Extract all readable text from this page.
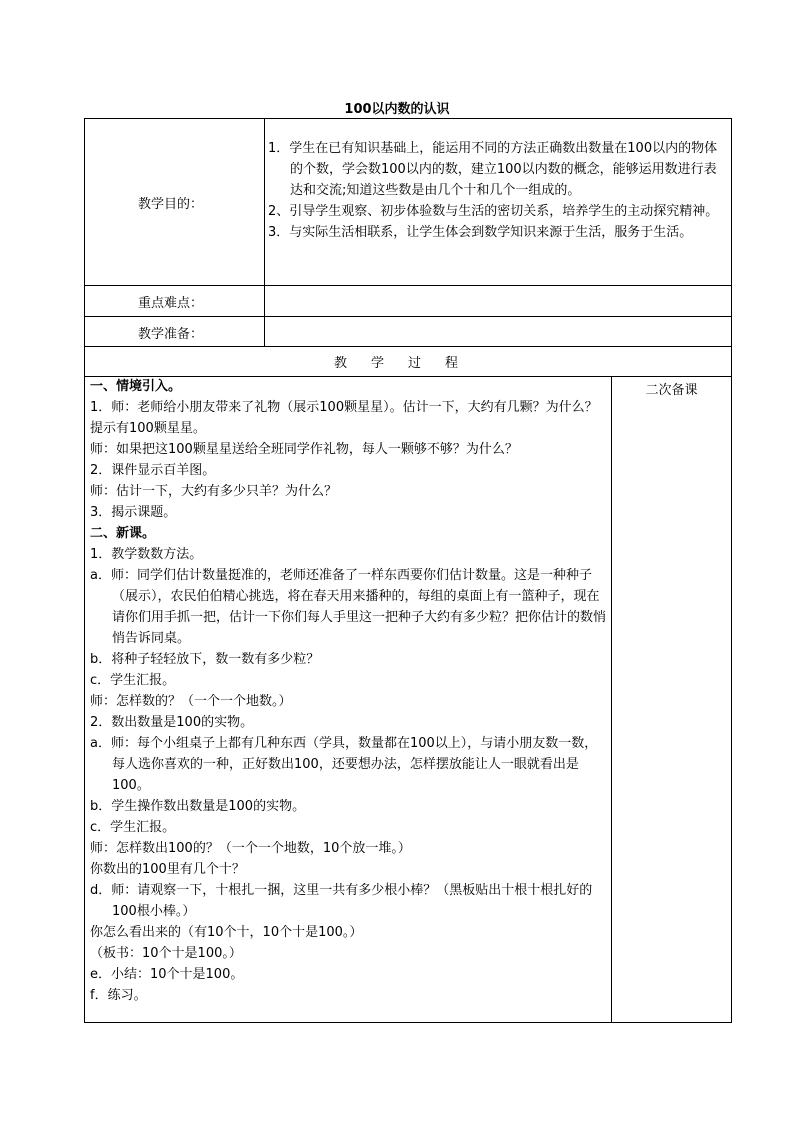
100以内数的认识
教学目的：
重点难点：
教学准备：
1．学生在已有知识基础上，能运用不同的方法正确数出数量在100以内的物体的个数，学会数100以内的数，建立100以内数的概念，能够运用数进行表达和交流;知道这些数是由几个十和几个一组成的。
2、引导学生观察、初步体验数与生活的密切关系，培养学生的主动探究精神。
3．与实际生活相联系，让学生体会到数学知识来源于生活，服务于生活。
教学过程
二次备课
一、情境引入。
1．师：老师给小朋友带来了礼物（展示100颗星星）。估计一下，大约有几颗？为什么？
提示有100颗星星。
师：如果把这100颗星星送给全班同学作礼物，每人一颗够不够？为什么？
2．课件显示百羊图。
师：估计一下，大约有多少只羊？为什么？
3．揭示课题。
二、新课。
1．教学数数方法。
a．师：同学们估计数量挺准的，老师还准备了一样东西要你们估计数量。这是一种种子（展示），农民伯伯精心挑选，将在春天用来播种的，每组的桌面上有一篮种子，现在请你们用手抓一把，估计一下你们每人手里这一把种子大约有多少粒？把你估计的数悄悄告诉同桌。
b．将种子轻轻放下，数一数有多少粒？
c．学生汇报。
师：怎样数的？（一个一个地数。）
2．数出数量是100的实物。
a．师：每个小组桌子上都有几种东西（学具，数量都在100以上），与请小朋友数一数，每人选你喜欢的一种，正好数出100，还要想办法，怎样摆放能让人一眼就看出是100。
b．学生操作数出数量是100的实物。
c．学生汇报。
师：怎样数出100的？（一个一个地数，10个放一堆。）
你数出的100里有几个十？
d．师：请观察一下，十根扎一捆，这里一共有多少根小棒？（黑板贴出十根十根扎好的100根小棒。）
你怎么看出来的（有10个十，10个十是100。）
（板书：10个十是100。）
e．小结：10个十是100。
f．练习。
